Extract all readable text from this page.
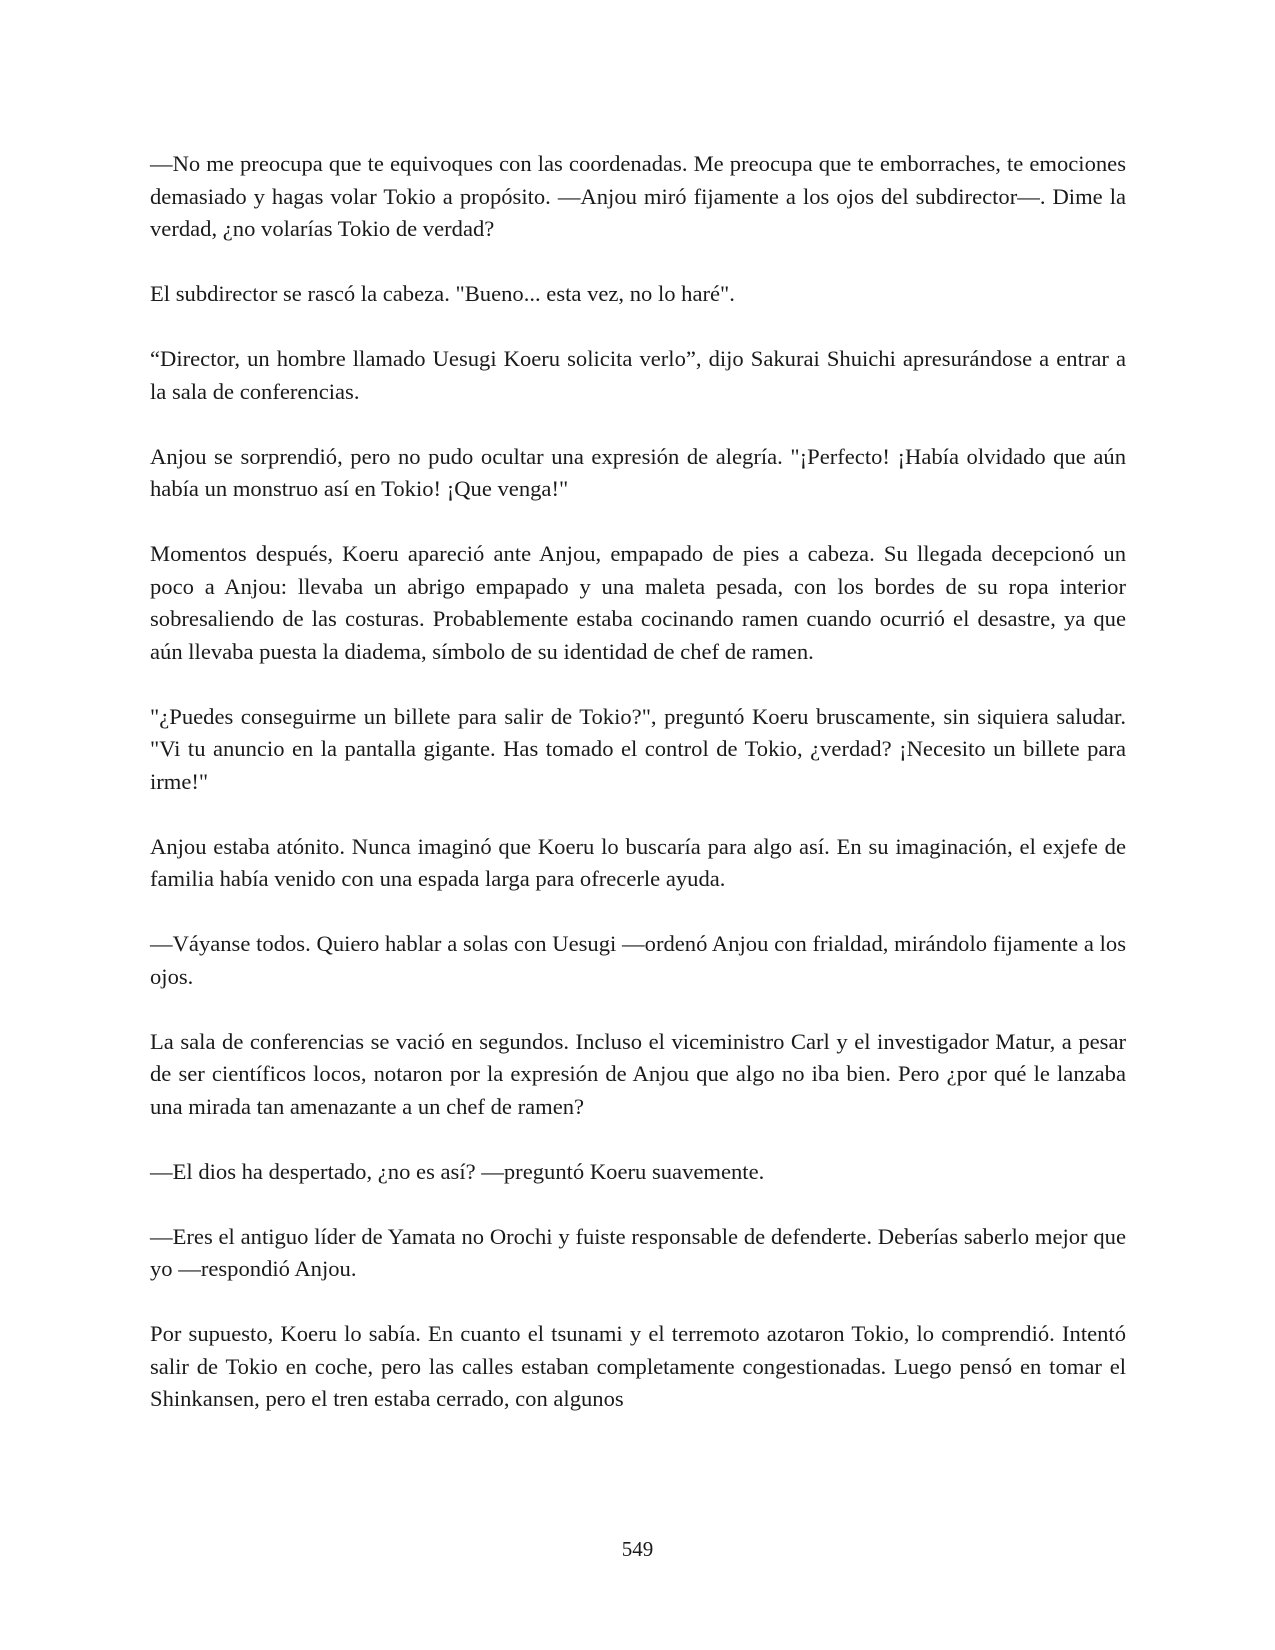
—No me preocupa que te equivoques con las coordenadas. Me preocupa que te emborraches, te emociones demasiado y hagas volar Tokio a propósito. —Anjou miró fijamente a los ojos del subdirector—. Dime la verdad, ¿no volarías Tokio de verdad?

El subdirector se rascó la cabeza. "Bueno... esta vez, no lo haré".

“Director, un hombre llamado Uesugi Koeru solicita verlo”, dijo Sakurai Shuichi apresurándose a entrar a la sala de conferencias.

Anjou se sorprendió, pero no pudo ocultar una expresión de alegría. "¡Perfecto! ¡Había olvidado que aún había un monstruo así en Tokio! ¡Que venga!"

Momentos después, Koeru apareció ante Anjou, empapado de pies a cabeza. Su llegada decepcionó un poco a Anjou: llevaba un abrigo empapado y una maleta pesada, con los bordes de su ropa interior sobresaliendo de las costuras. Probablemente estaba cocinando ramen cuando ocurrió el desastre, ya que aún llevaba puesta la diadema, símbolo de su identidad de chef de ramen.

"¿Puedes conseguirme un billete para salir de Tokio?", preguntó Koeru bruscamente, sin siquiera saludar. "Vi tu anuncio en la pantalla gigante. Has tomado el control de Tokio, ¿verdad? ¡Necesito un billete para irme!"

Anjou estaba atónito. Nunca imaginó que Koeru lo buscaría para algo así. En su imaginación, el exjefe de familia había venido con una espada larga para ofrecerle ayuda.

—Váyanse todos. Quiero hablar a solas con Uesugi —ordenó Anjou con frialdad, mirándolo fijamente a los ojos.

La sala de conferencias se vació en segundos. Incluso el viceministro Carl y el investigador Matur, a pesar de ser científicos locos, notaron por la expresión de Anjou que algo no iba bien. Pero ¿por qué le lanzaba una mirada tan amenazante a un chef de ramen?

—El dios ha despertado, ¿no es así? —preguntó Koeru suavemente.

—Eres el antiguo líder de Yamata no Orochi y fuiste responsable de defenderte. Deberías saberlo mejor que yo —respondió Anjou.

Por supuesto, Koeru lo sabía. En cuanto el tsunami y el terremoto azotaron Tokio, lo comprendió. Intentó salir de Tokio en coche, pero las calles estaban completamente congestionadas. Luego pensó en tomar el Shinkansen, pero el tren estaba cerrado, con algunos

549
